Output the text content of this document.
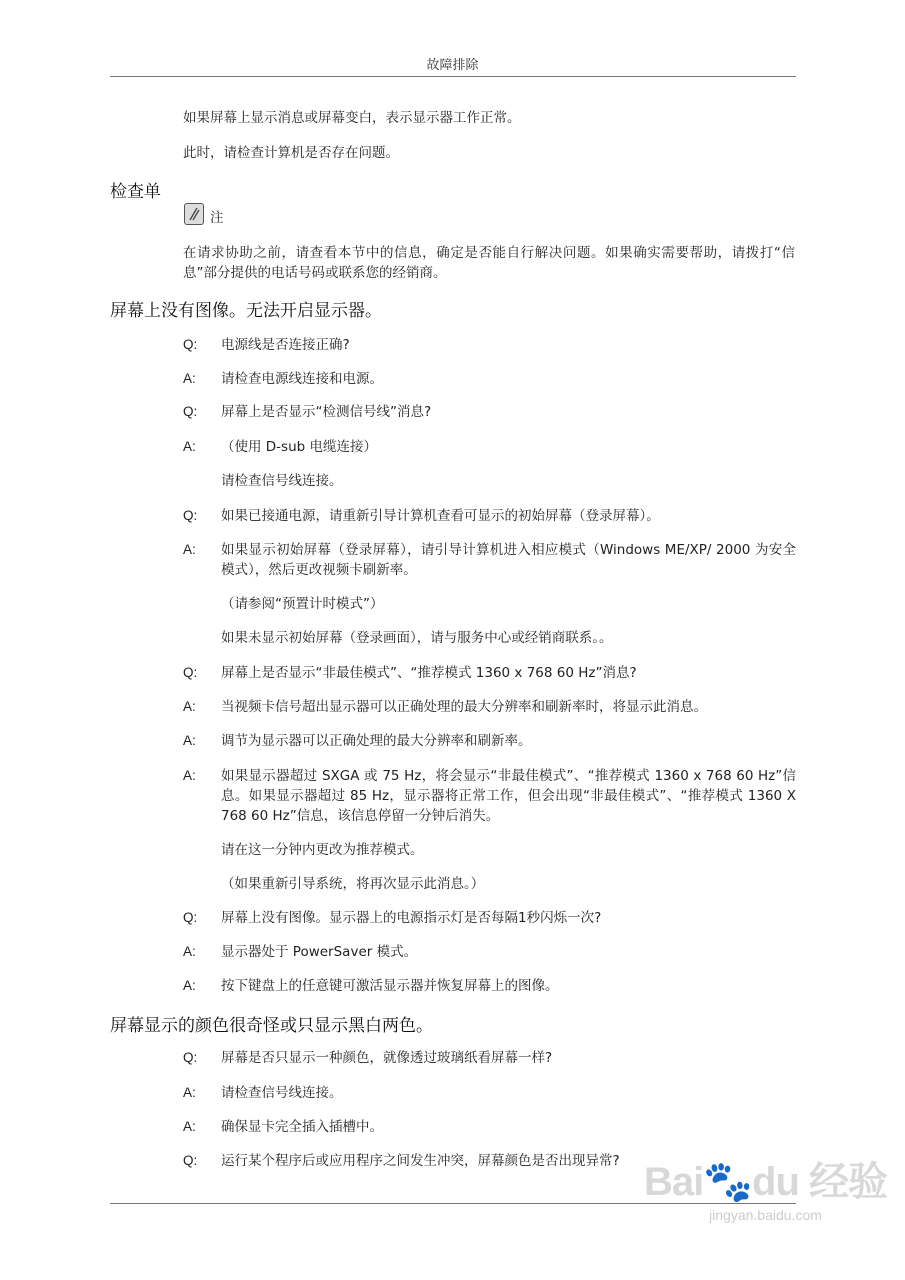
故障排除
如果屏幕上显示消息或屏幕变白，表示显示器工作正常。
此时，请检查计算机是否存在问题。
检查单
注
在请求协助之前，请查看本节中的信息，确定是否能自行解决问题。如果确实需要帮助，请拨打“信息”部分提供的电话号码或联系您的经销商。
屏幕上没有图像。无法开启显示器。
Q: 电源线是否连接正确?
A: 请检查电源线连接和电源。
Q: 屏幕上是否显示“检测信号线”消息?
A: （使用 D-sub 电缆连接）
请检查信号线连接。
Q: 如果已接通电源，请重新引导计算机查看可显示的初始屏幕（登录屏幕）。
A: 如果显示初始屏幕（登录屏幕），请引导计算机进入相应模式（Windows ME/XP/ 2000 为安全模式），然后更改视频卡刷新率。
（请参阅“预置计时模式”）
如果未显示初始屏幕（登录画面），请与服务中心或经销商联系。。
Q: 屏幕上是否显示“非最佳模式”、“推荐模式 1360 x 768 60 Hz”消息?
A: 当视频卡信号超出显示器可以正确处理的最大分辨率和刷新率时，将显示此消息。
A: 调节为显示器可以正确处理的最大分辨率和刷新率。
A: 如果显示器超过 SXGA 或 75 Hz，将会显示“非最佳模式”、“推荐模式 1360 x 768 60 Hz”信息。如果显示器超过 85 Hz，显示器将正常工作，但会出现“非最佳模式”、“推荐模式 1360 X 768 60 Hz”信息，该信息停留一分钟后消失。
请在这一分钟内更改为推荐模式。
（如果重新引导系统，将再次显示此消息。）
Q: 屏幕上没有图像。显示器上的电源指示灯是否每隔1秒闪烁一次?
A: 显示器处于 PowerSaver 模式。
A: 按下键盘上的任意键可激活显示器并恢复屏幕上的图像。
屏幕显示的颜色很奇怪或只显示黑白两色。
Q: 屏幕是否只显示一种颜色，就像透过玻璃纸看屏幕一样?
A: 请检查信号线连接。
A: 确保显卡完全插入插槽中。
Q: 运行某个程序后或应用程序之间发生冲突，屏幕颜色是否出现异常? Bai🐾du 经验
jingyan.baidu.com
